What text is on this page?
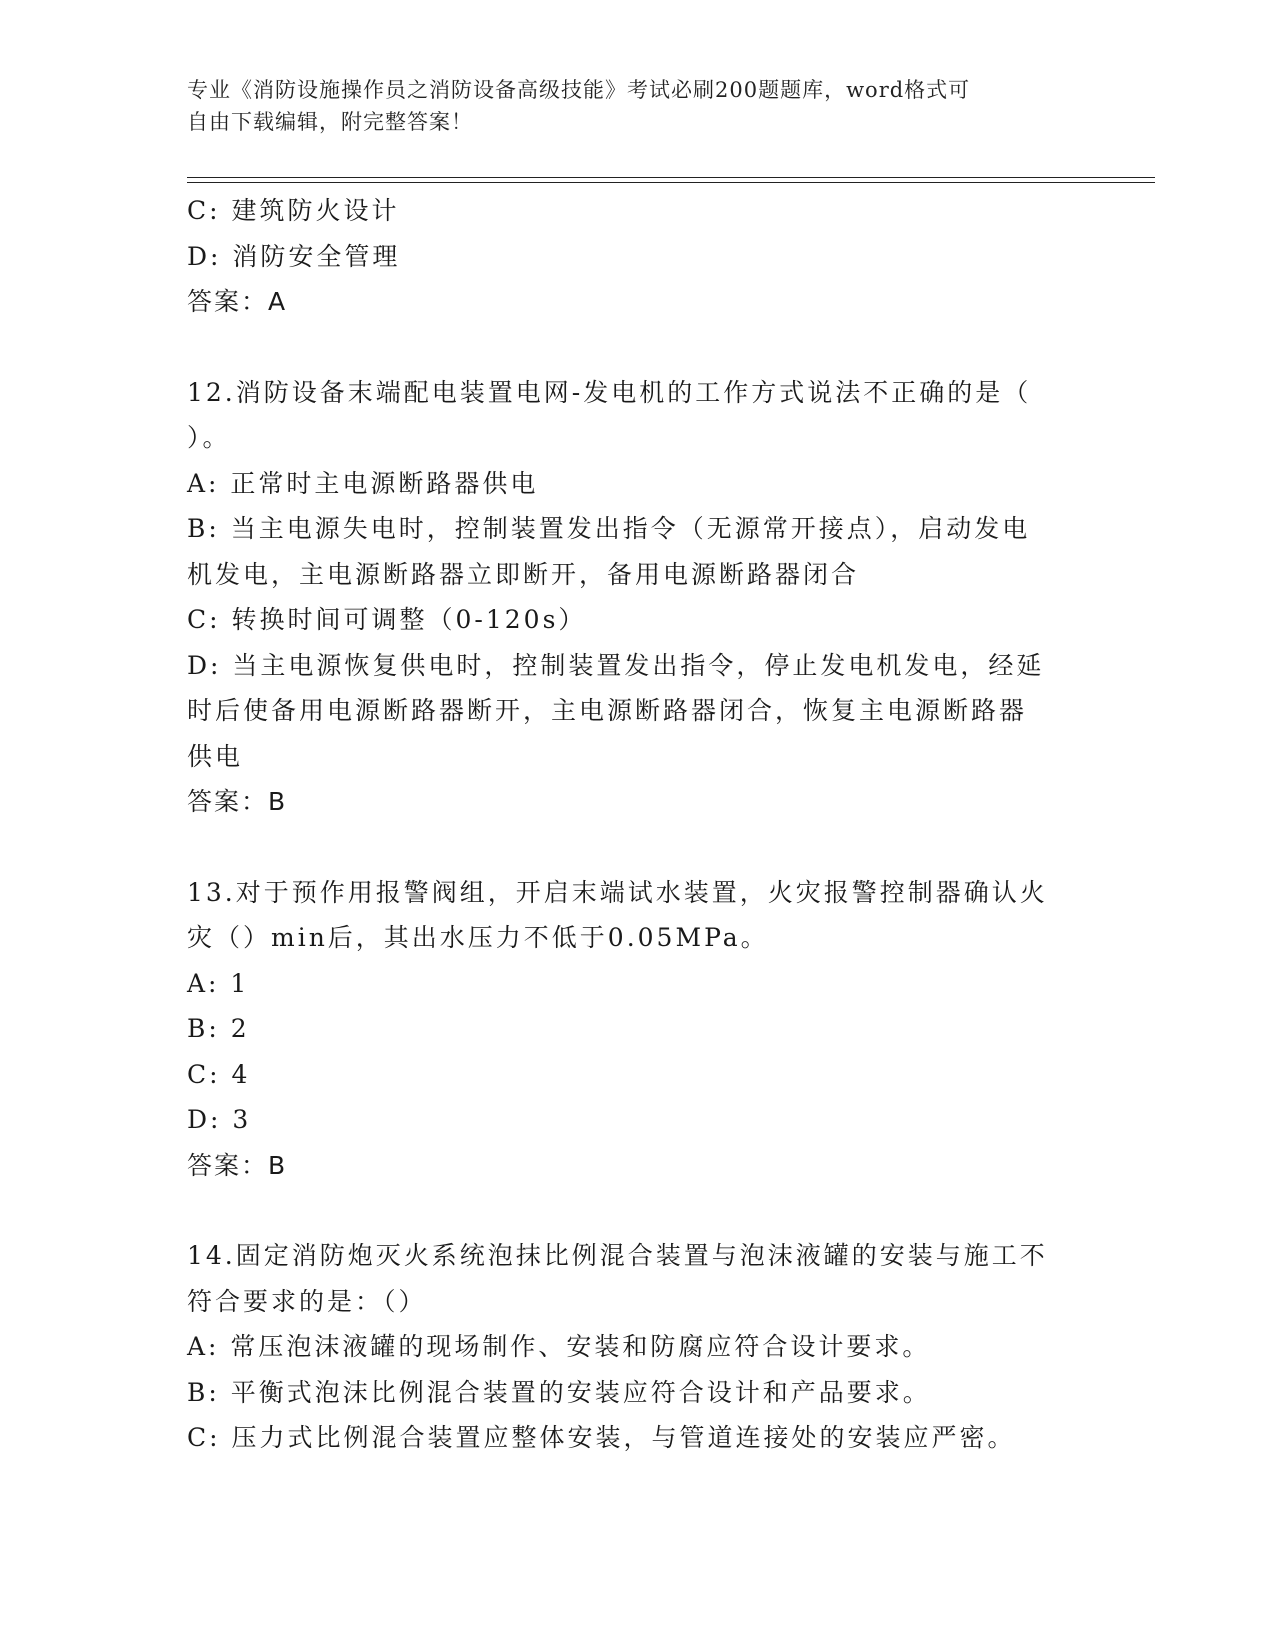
专业《消防设施操作员之消防设备高级技能》考试必刷200题题库，word格式可
自由下载编辑，附完整答案！

C: 建筑防火设计

D: 消防安全管理

答案：A

12.消防设备末端配电装置电网-发电机的工作方式说法不正确的是（

）。

A: 正常时主电源断路器供电

B: 当主电源失电时，控制装置发出指令（无源常开接点），启动发电

机发电，主电源断路器立即断开，备用电源断路器闭合

C: 转换时间可调整（0-120s）

D: 当主电源恢复供电时，控制装置发出指令，停止发电机发电，经延

时后使备用电源断路器断开，主电源断路器闭合，恢复主电源断路器

供电

答案：B

13.对于预作用报警阀组，开启末端试水装置，火灾报警控制器确认火

灾（）min后，其出水压力不低于0.05MPa。

A: 1

B: 2

C: 4

D: 3

答案：B

14.固定消防炮灭火系统泡抹比例混合装置与泡沫液罐的安装与施工不

符合要求的是：（）

A: 常压泡沫液罐的现场制作、安装和防腐应符合设计要求。

B: 平衡式泡沫比例混合装置的安装应符合设计和产品要求。

C: 压力式比例混合装置应整体安装，与管道连接处的安装应严密。
